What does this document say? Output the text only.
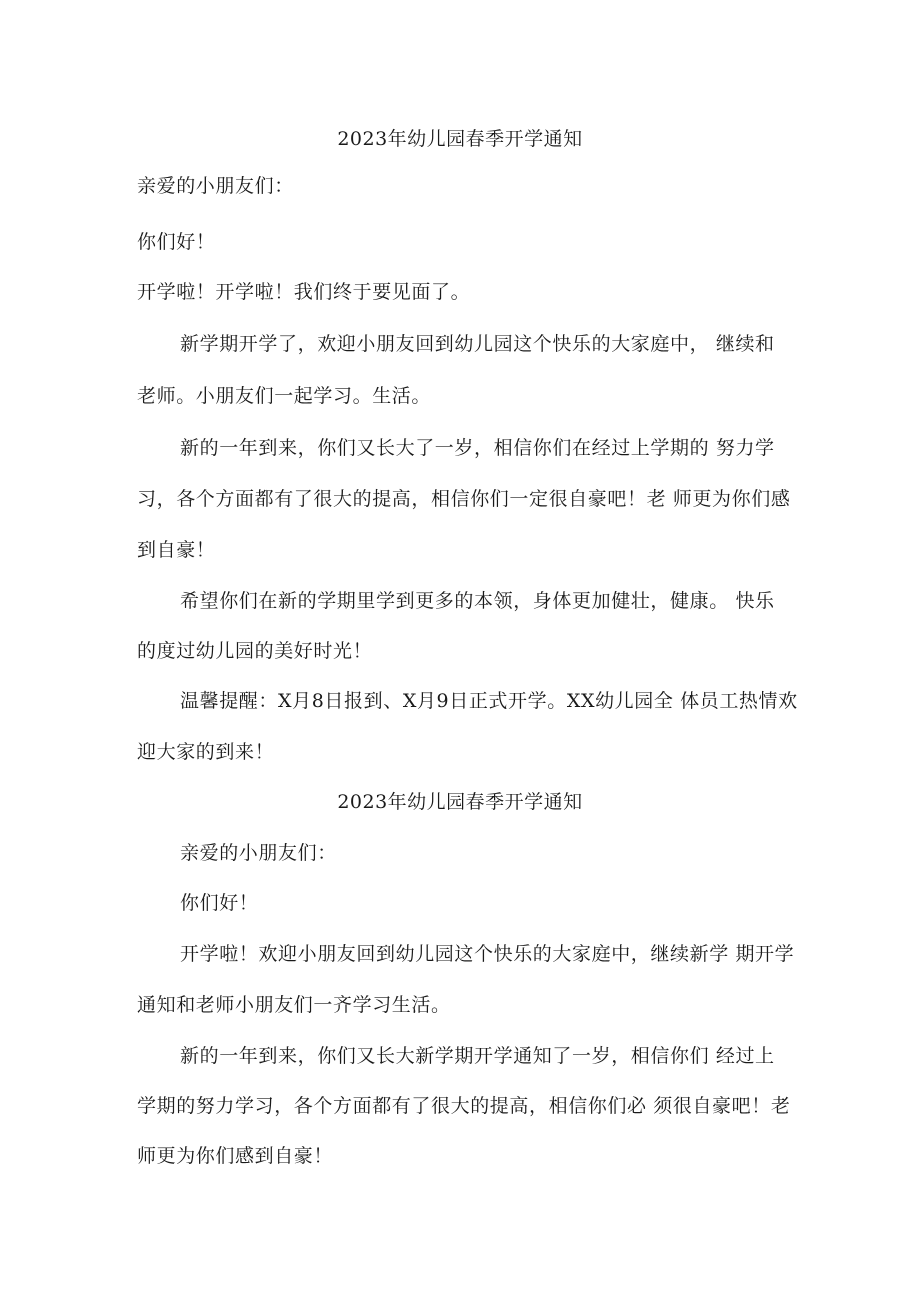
2023年幼儿园春季开学通知
亲爱的小朋友们：
你们好！
开学啦！开学啦！我们终于要见面了。
新学期开学了，欢迎小朋友回到幼儿园这个快乐的大家庭中， 继续和
老师。小朋友们一起学习。生活。
新的一年到来，你们又长大了一岁，相信你们在经过上学期的 努力学
习，各个方面都有了很大的提高，相信你们一定很自豪吧！老 师更为你们感
到自豪！
希望你们在新的学期里学到更多的本领，身体更加健壮，健康。 快乐
的度过幼儿园的美好时光！
温馨提醒：X月8日报到、X月9日正式开学。XX幼儿园全 体员工热情欢
迎大家的到来！
2023年幼儿园春季开学通知
亲爱的小朋友们：
你们好！
开学啦！欢迎小朋友回到幼儿园这个快乐的大家庭中，继续新学 期开学
通知和老师小朋友们一齐学习生活。
新的一年到来，你们又长大新学期开学通知了一岁，相信你们 经过上
学期的努力学习，各个方面都有了很大的提高，相信你们必 须很自豪吧！老
师更为你们感到自豪！
